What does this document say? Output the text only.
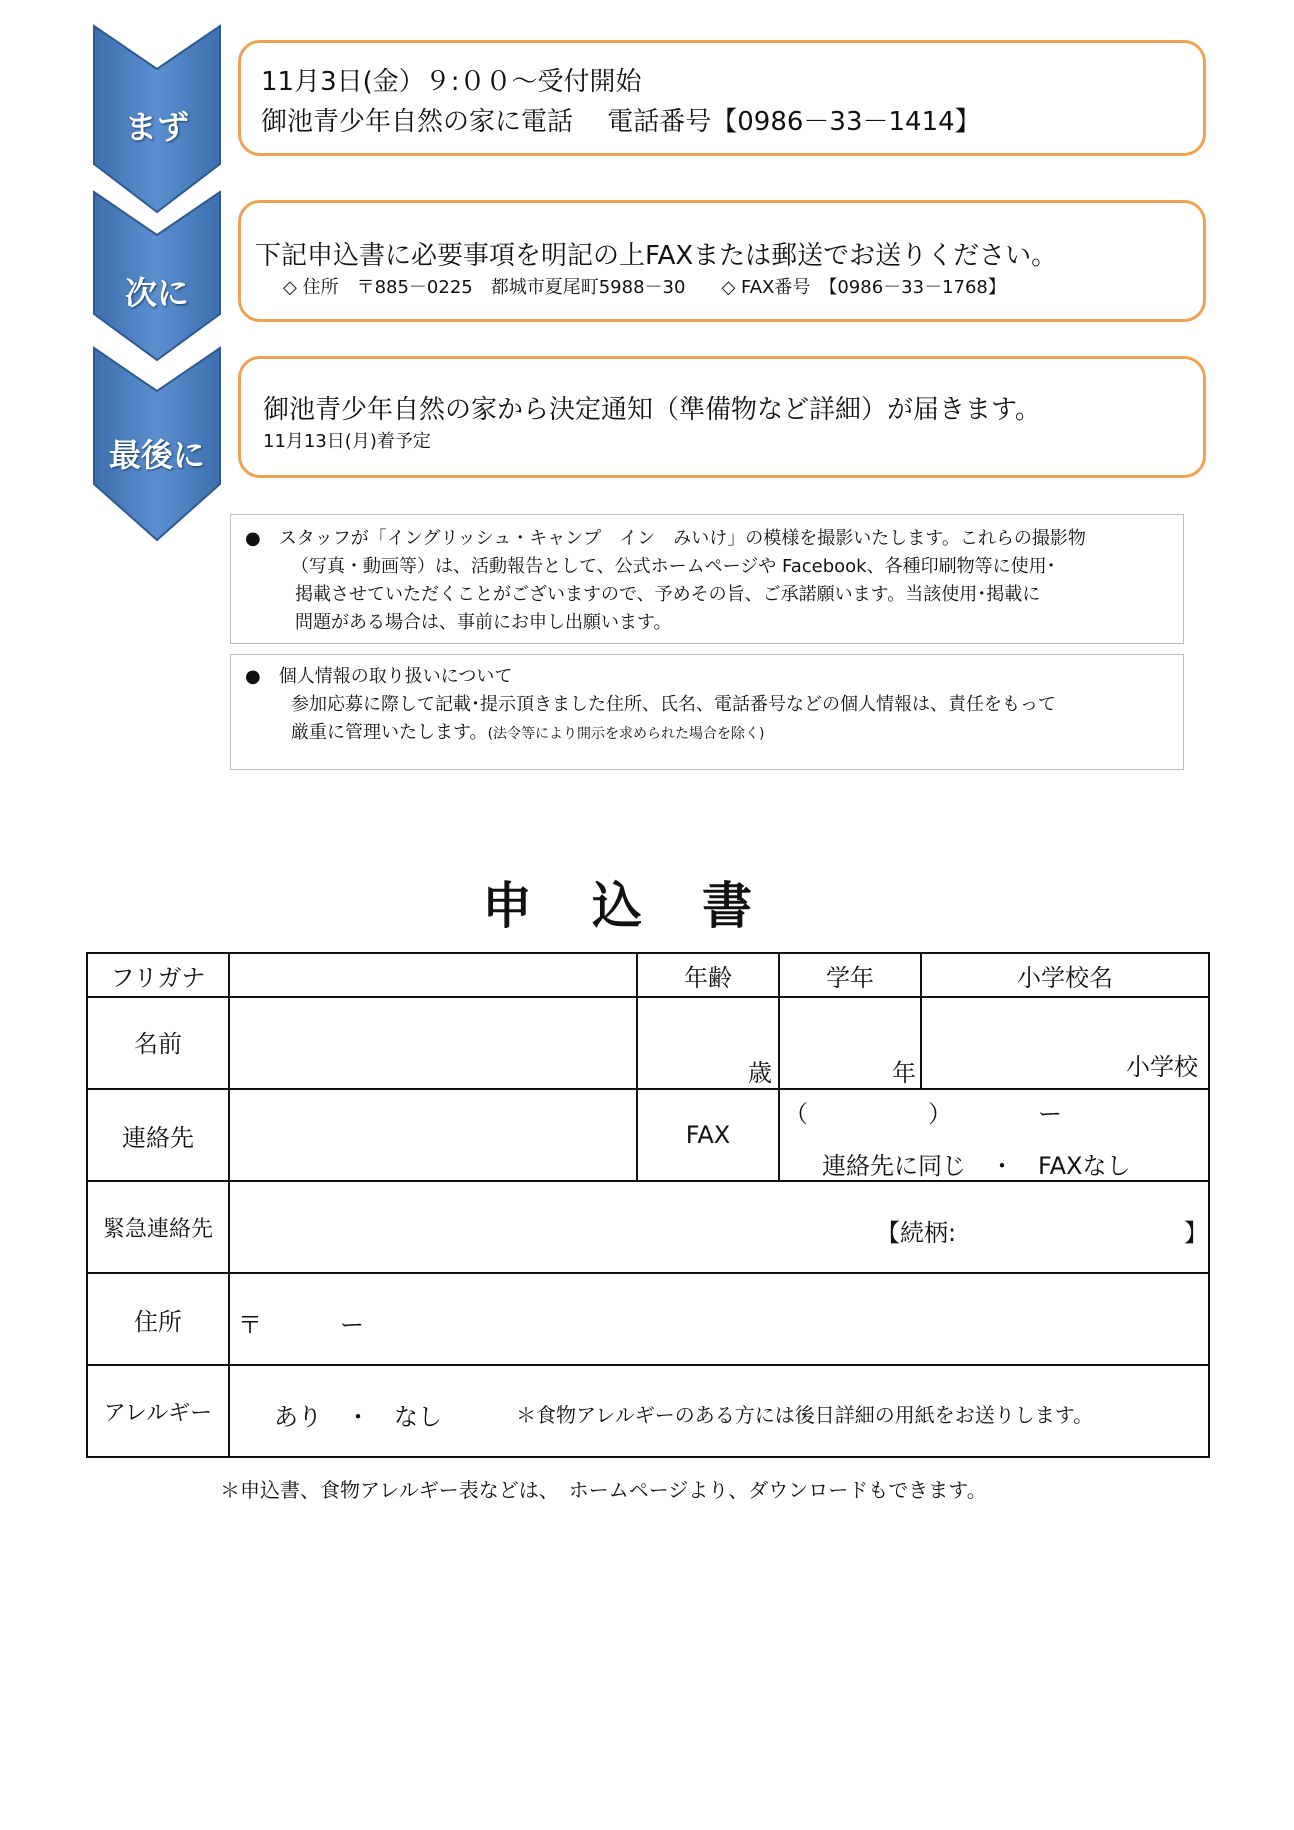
まず
次に
最後に
11月3日(金）９:００～受付開始
御池青少年自然の家に電話　 電話番号【0986－33－1414】
下記申込書に必要事項を明記の上FAXまたは郵送でお送りください。
◇ 住所　〒885－0225　都城市夏尾町5988－30　　◇ FAX番号　【0986－33－1768】
御池青少年自然の家から決定通知（準備物など詳細）が届きます。
11月13日(月)着予定
●　 スタッフが「イングリッシュ・キャンプ　イン　みいけ」の模様を撮影いたします。これらの撮影物
（写真・動画等）は、活動報告として、公式ホームページや Facebook、各種印刷物等に使用･
掲載させていただくことがございますので、予めその旨、ご承諾願います。当該使用･掲載に
問題がある場合は、事前にお申し出願います。
●　 個人情報の取り扱いについて
参加応募に際して記載･提示頂きました住所、氏名、電話番号などの個人情報は、責任をもって
厳重に管理いたします。(法令等により開示を求められた場合を除く)
申込書
フリガナ		年齢	学年	小学校名
名前		歳	年	小学校
連絡先		FAX	（ ） ー
連絡先に同じ　・　FAXなし	

緊急連絡先	【続柄: 】			

住所	〒 ー			

アレルギー	あり　・　なし ＊食物アレルギーのある方には後日詳細の用紙をお送りします。			
＊申込書、食物アレルギー表などは、　ホームページより、ダウンロードもできます。
